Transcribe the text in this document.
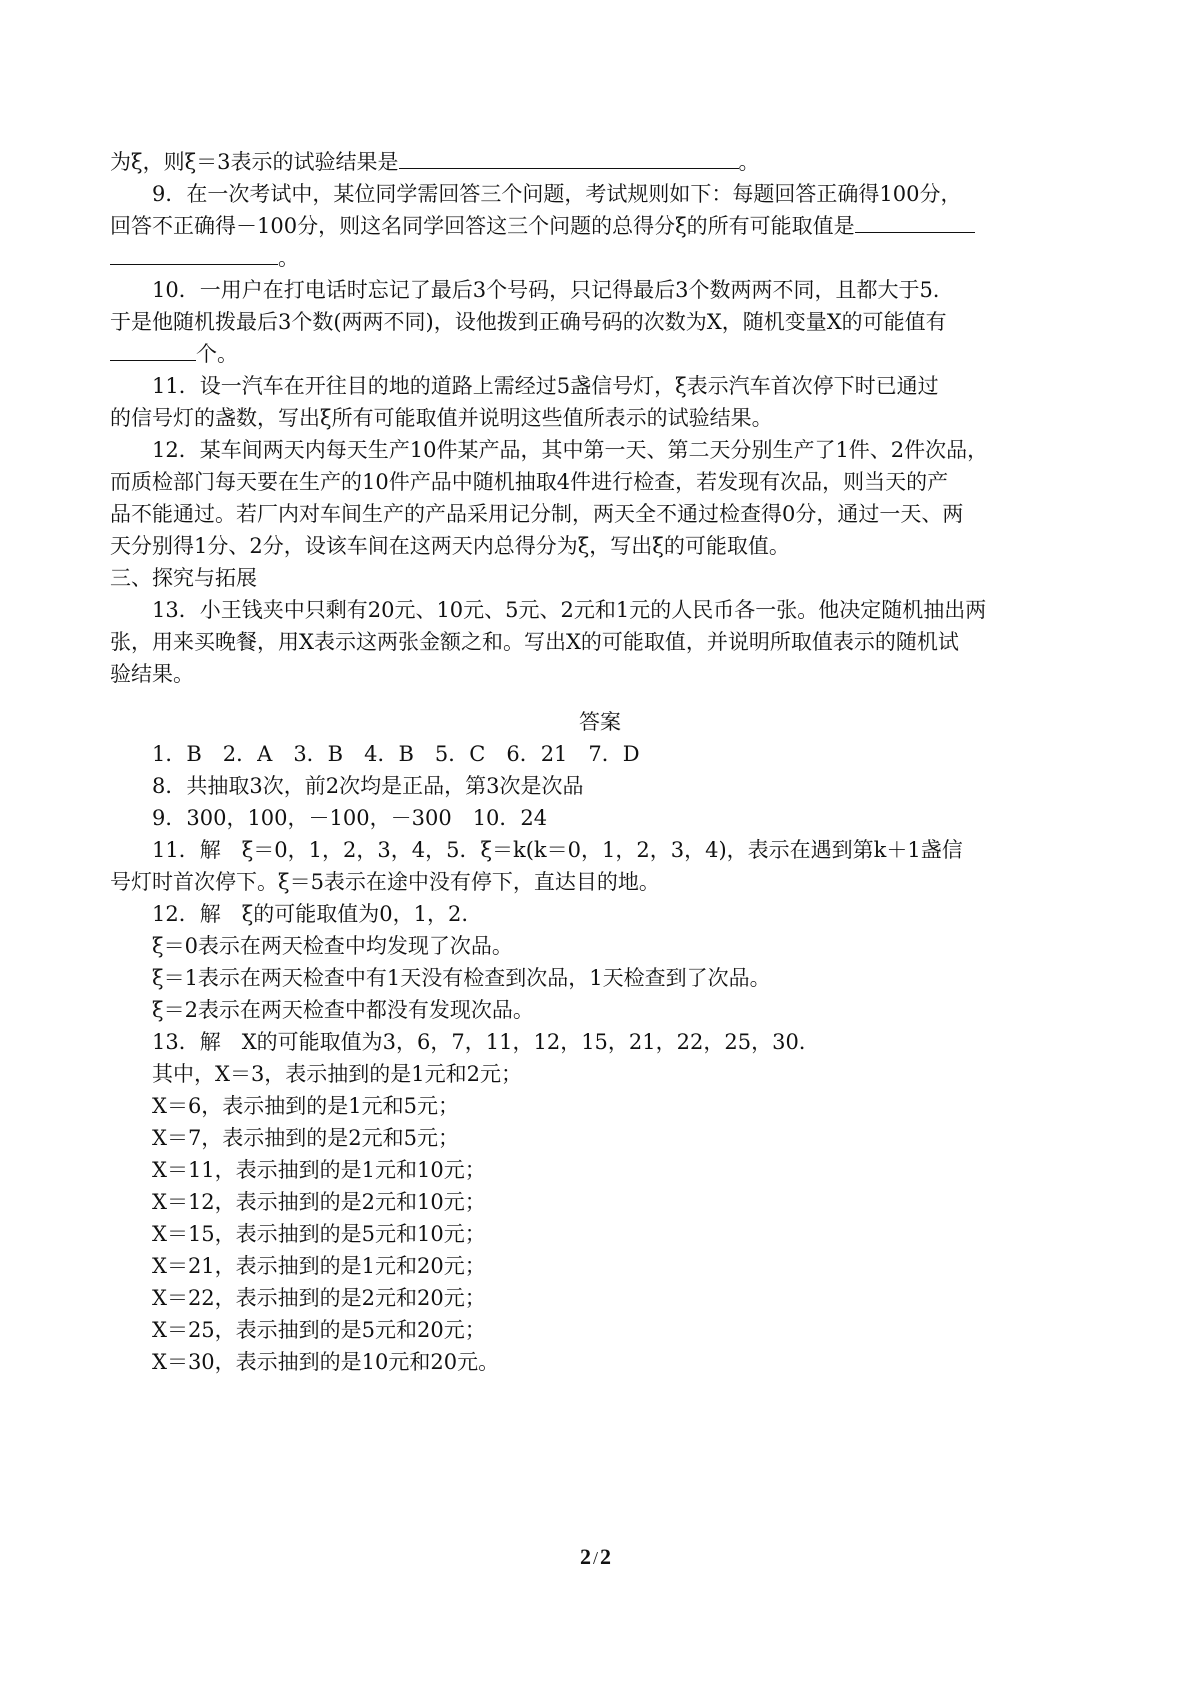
为ξ，则ξ＝3表示的试验结果是	。
9．在一次考试中，某位同学需回答三个问题，考试规则如下：每题回答正确得100分，
回答不正确得－100分，则这名同学回答这三个问题的总得分ξ的所有可能取值是
。
10．一用户在打电话时忘记了最后3个号码，只记得最后3个数两两不同，且都大于5.
于是他随机拨最后3个数(两两不同)，设他拨到正确号码的次数为X，随机变量X的可能值有
个。
11．设一汽车在开往目的地的道路上需经过5盏信号灯，ξ表示汽车首次停下时已通过
的信号灯的盏数，写出ξ所有可能取值并说明这些值所表示的试验结果。
12．某车间两天内每天生产10件某产品，其中第一天、第二天分别生产了1件、2件次品，
而质检部门每天要在生产的10件产品中随机抽取4件进行检查，若发现有次品，则当天的产
品不能通过。若厂内对车间生产的产品采用记分制，两天全不通过检查得0分，通过一天、两
天分别得1分、2分，设该车间在这两天内总得分为ξ，写出ξ的可能取值。
三、探究与拓展
13．小王钱夹中只剩有20元、10元、5元、2元和1元的人民币各一张。他决定随机抽出两
张，用来买晚餐，用X表示这两张金额之和。写出X的可能取值，并说明所取值表示的随机试
验结果。
答案
1．B　2．A　3．B　4．B　5．C　6．21　7．D
8．共抽取3次，前2次均是正品，第3次是次品
9．300，100，－100，－300　10．24
11．解　ξ＝0，1，2，3，4，5．ξ＝k(k＝0，1，2，3，4)，表示在遇到第k＋1盏信
号灯时首次停下。ξ＝5表示在途中没有停下，直达目的地。
12．解　ξ的可能取值为0，1，2.
ξ＝0表示在两天检查中均发现了次品。
ξ＝1表示在两天检查中有1天没有检查到次品，1天检查到了次品。
ξ＝2表示在两天检查中都没有发现次品。
13．解　X的可能取值为3，6，7，11，12，15，21，22，25，30.
其中，X＝3，表示抽到的是1元和2元；
X＝6，表示抽到的是1元和5元；
X＝7，表示抽到的是2元和5元；
X＝11，表示抽到的是1元和10元；
X＝12，表示抽到的是2元和10元；
X＝15，表示抽到的是5元和10元；
X＝21，表示抽到的是1元和20元；
X＝22，表示抽到的是2元和20元；
X＝25，表示抽到的是5元和20元；
X＝30，表示抽到的是10元和20元。
2 /2
